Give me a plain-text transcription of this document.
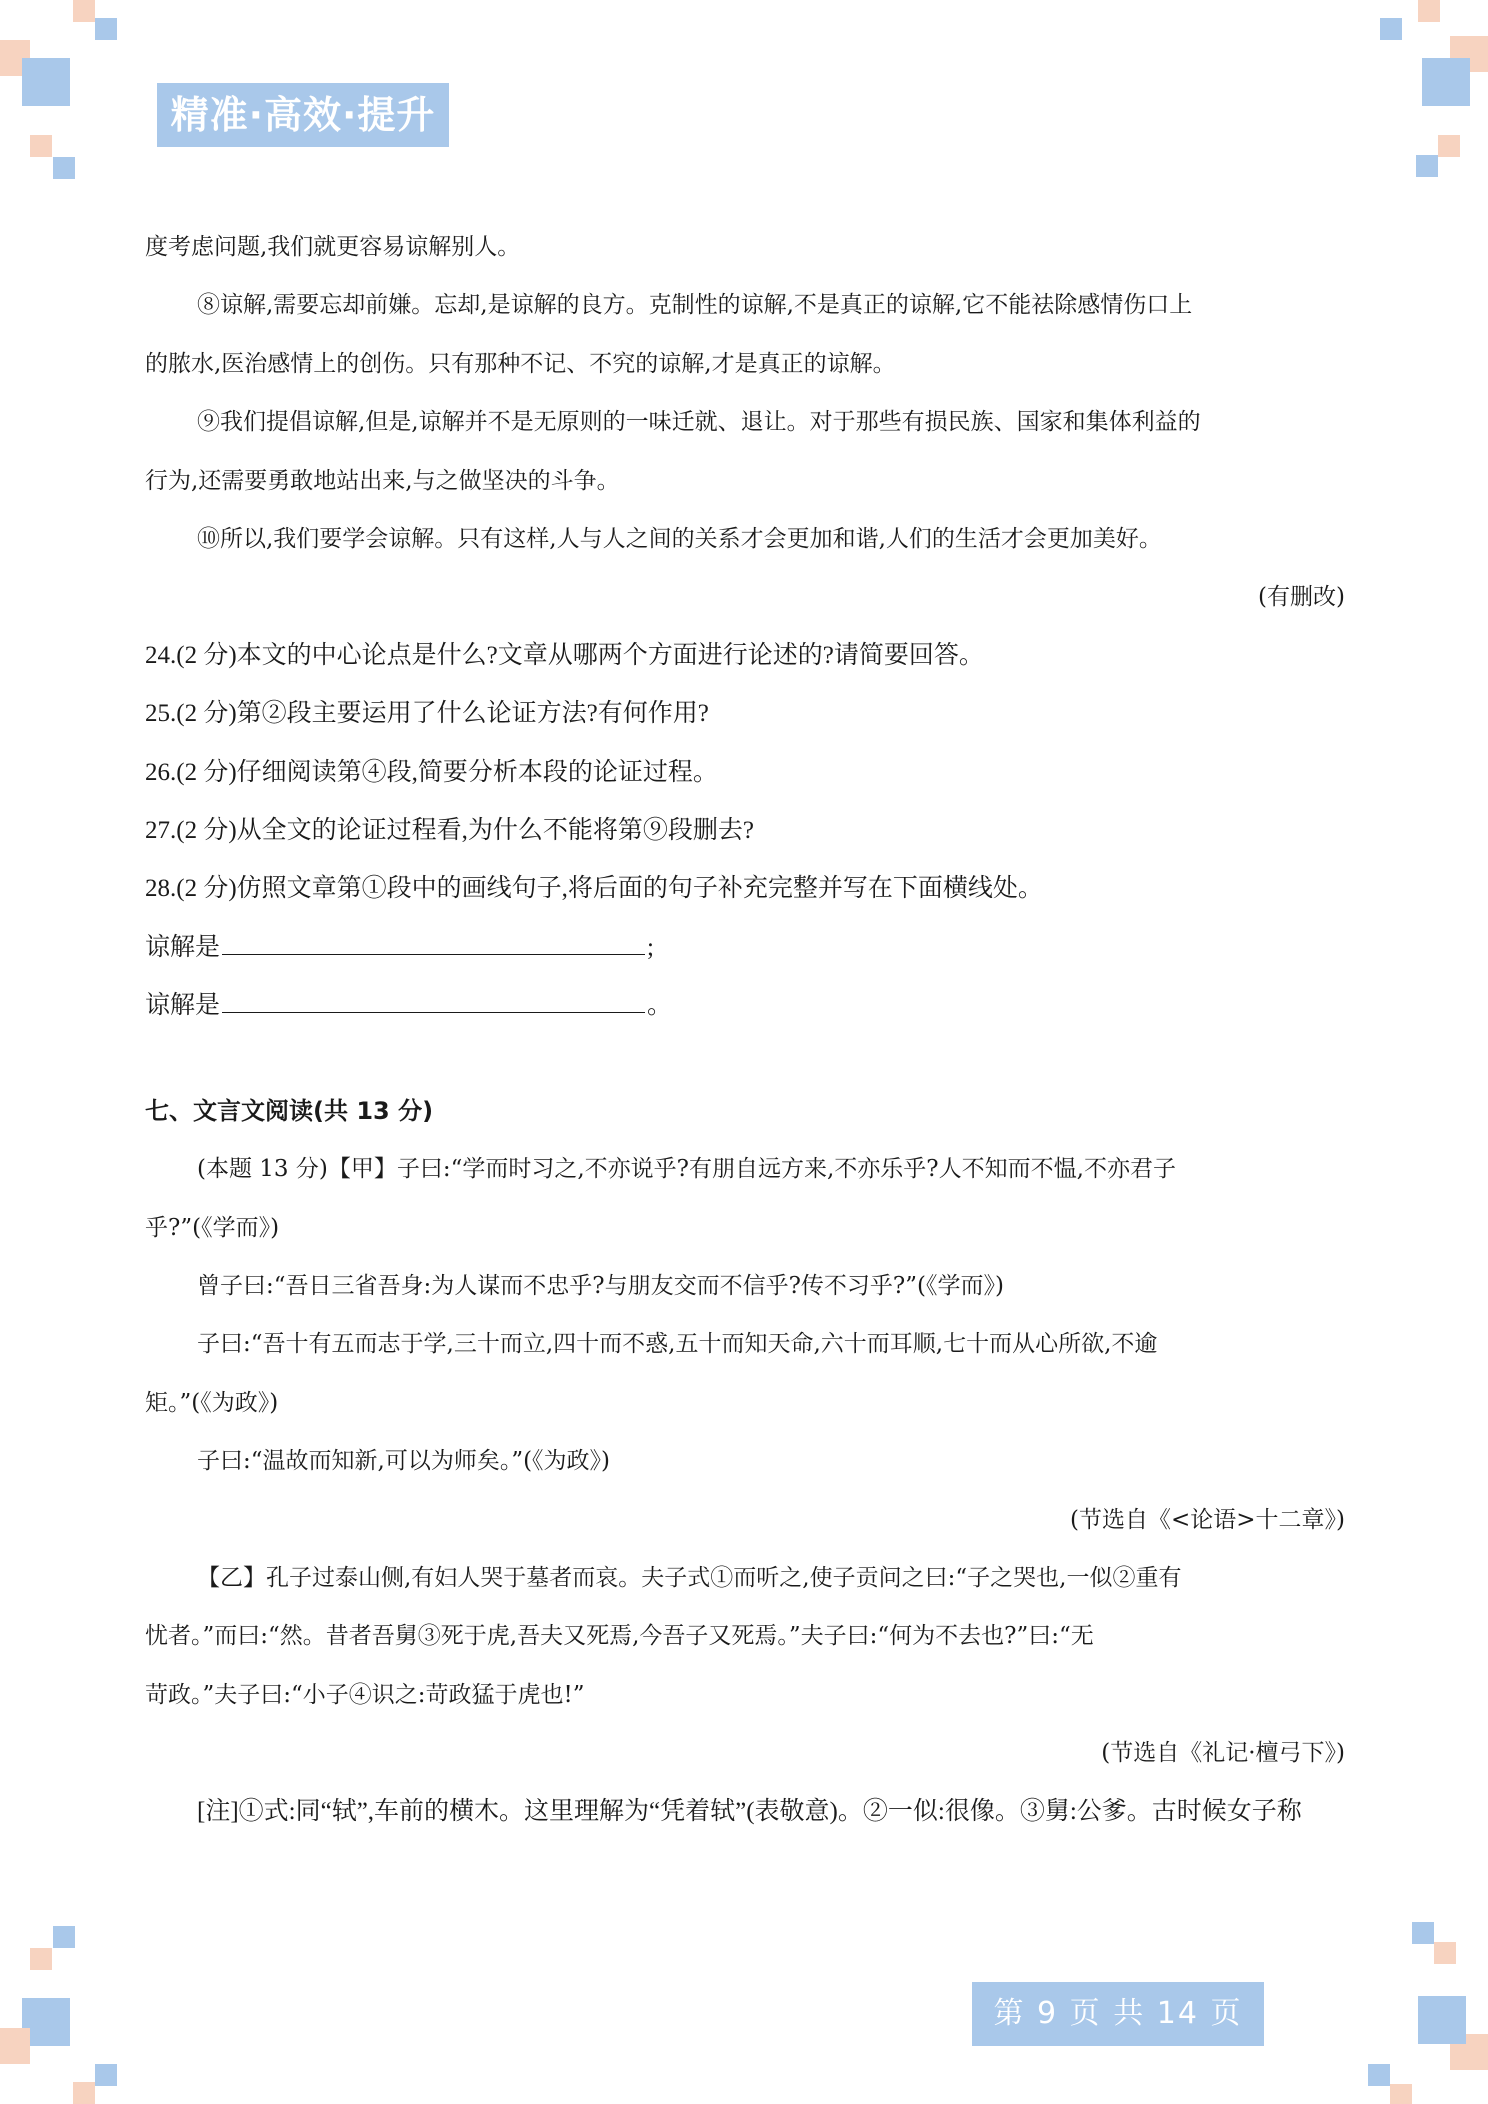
精准·高效·提升

度考虑问题,我们就更容易谅解别人。

⑧谅解,需要忘却前嫌。忘却,是谅解的良方。克制性的谅解,不是真正的谅解,它不能祛除感情伤口上

的脓水,医治感情上的创伤。只有那种不记、不究的谅解,才是真正的谅解。

⑨我们提倡谅解,但是,谅解并不是无原则的一味迁就、退让。对于那些有损民族、国家和集体利益的

行为,还需要勇敢地站出来,与之做坚决的斗争。

⑩所以,我们要学会谅解。只有这样,人与人之间的关系才会更加和谐,人们的生活才会更加美好。

(有删改)

24.(2 分)本文的中心论点是什么?文章从哪两个方面进行论述的?请简要回答。

25.(2 分)第②段主要运用了什么论证方法?有何作用?

26.(2 分)仔细阅读第④段,简要分析本段的论证过程。

27.(2 分)从全文的论证过程看,为什么不能将第⑨段删去?

28.(2 分)仿照文章第①段中的画线句子,将后面的句子补充完整并写在下面横线处。

谅解是	;

谅解是	。

七、文言文阅读(共 13 分)

(本题 13 分)【甲】子曰:“学而时习之,不亦说乎?有朋自远方来,不亦乐乎?人不知而不愠,不亦君子

乎?”(《学而》)

曾子曰:“吾日三省吾身:为人谋而不忠乎?与朋友交而不信乎?传不习乎?”(《学而》)

子曰:“吾十有五而志于学,三十而立,四十而不惑,五十而知天命,六十而耳顺,七十而从心所欲,不逾

矩。”(《为政》)

子曰:“温故而知新,可以为师矣。”(《为政》)

(节选自《<论语>十二章》)

【乙】孔子过泰山侧,有妇人哭于墓者而哀。夫子式①而听之,使子贡问之曰:“子之哭也,一似②重有

忧者。”而曰:“然。昔者吾舅③死于虎,吾夫又死焉,今吾子又死焉。”夫子曰:“何为不去也?”曰:“无

苛政。”夫子曰:“小子④识之:苛政猛于虎也!”

(节选自《礼记·檀弓下》)

[注]①式:同“轼”,车前的横木。这里理解为“凭着轼”(表敬意)。②一似:很像。③舅:公爹。古时候女子称

第 9 页 共 14 页
